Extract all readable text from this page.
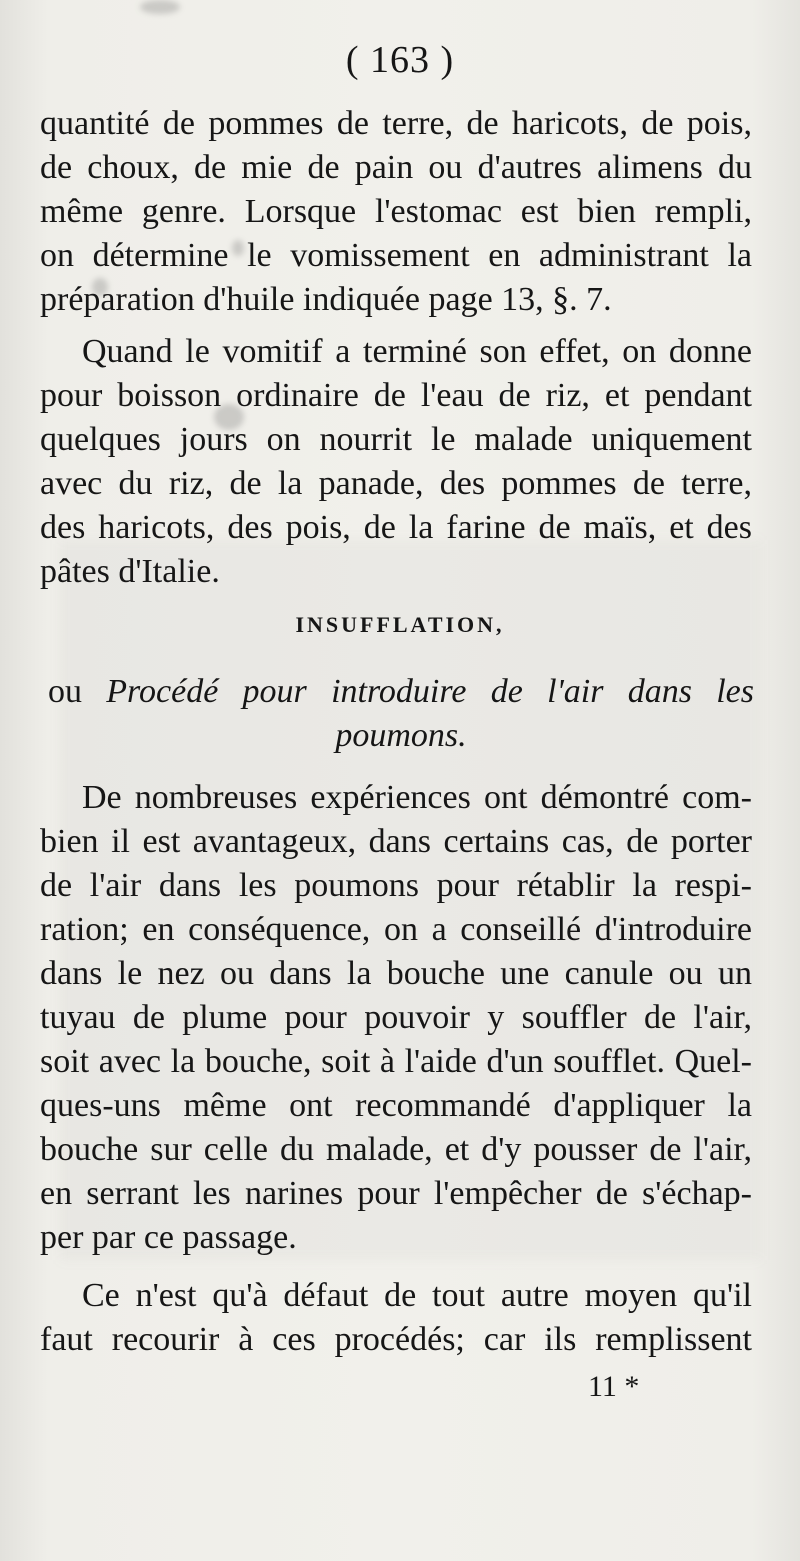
( 163 )
quantité de pommes de terre, de haricots, de pois,
de choux, de mie de pain ou d'autres alimens du
même genre. Lorsque l'estomac est bien rempli,
on détermine le vomissement en administrant la
préparation d'huile indiquée page 13, §. 7.
Quand le vomitif a terminé son effet, on donne
pour boisson ordinaire de l'eau de riz, et pendant
quelques jours on nourrit le malade uniquement
avec du riz, de la panade, des pommes de terre,
des haricots, des pois, de la farine de maïs, et des
pâtes d'Italie.
INSUFFLATION,
ou Procédé pour introduire de l'air dans les
poumons.
De nombreuses expériences ont démontré com-
bien il est avantageux, dans certains cas, de porter
de l'air dans les poumons pour rétablir la respi-
ration; en conséquence, on a conseillé d'introduire
dans le nez ou dans la bouche une canule ou un
tuyau de plume pour pouvoir y souffler de l'air,
soit avec la bouche, soit à l'aide d'un soufflet. Quel-
ques-uns même ont recommandé d'appliquer la
bouche sur celle du malade, et d'y pousser de l'air,
en serrant les narines pour l'empêcher de s'échap-
per par ce passage.
Ce n'est qu'à défaut de tout autre moyen qu'il
faut recourir à ces procédés; car ils remplissent
11 *
